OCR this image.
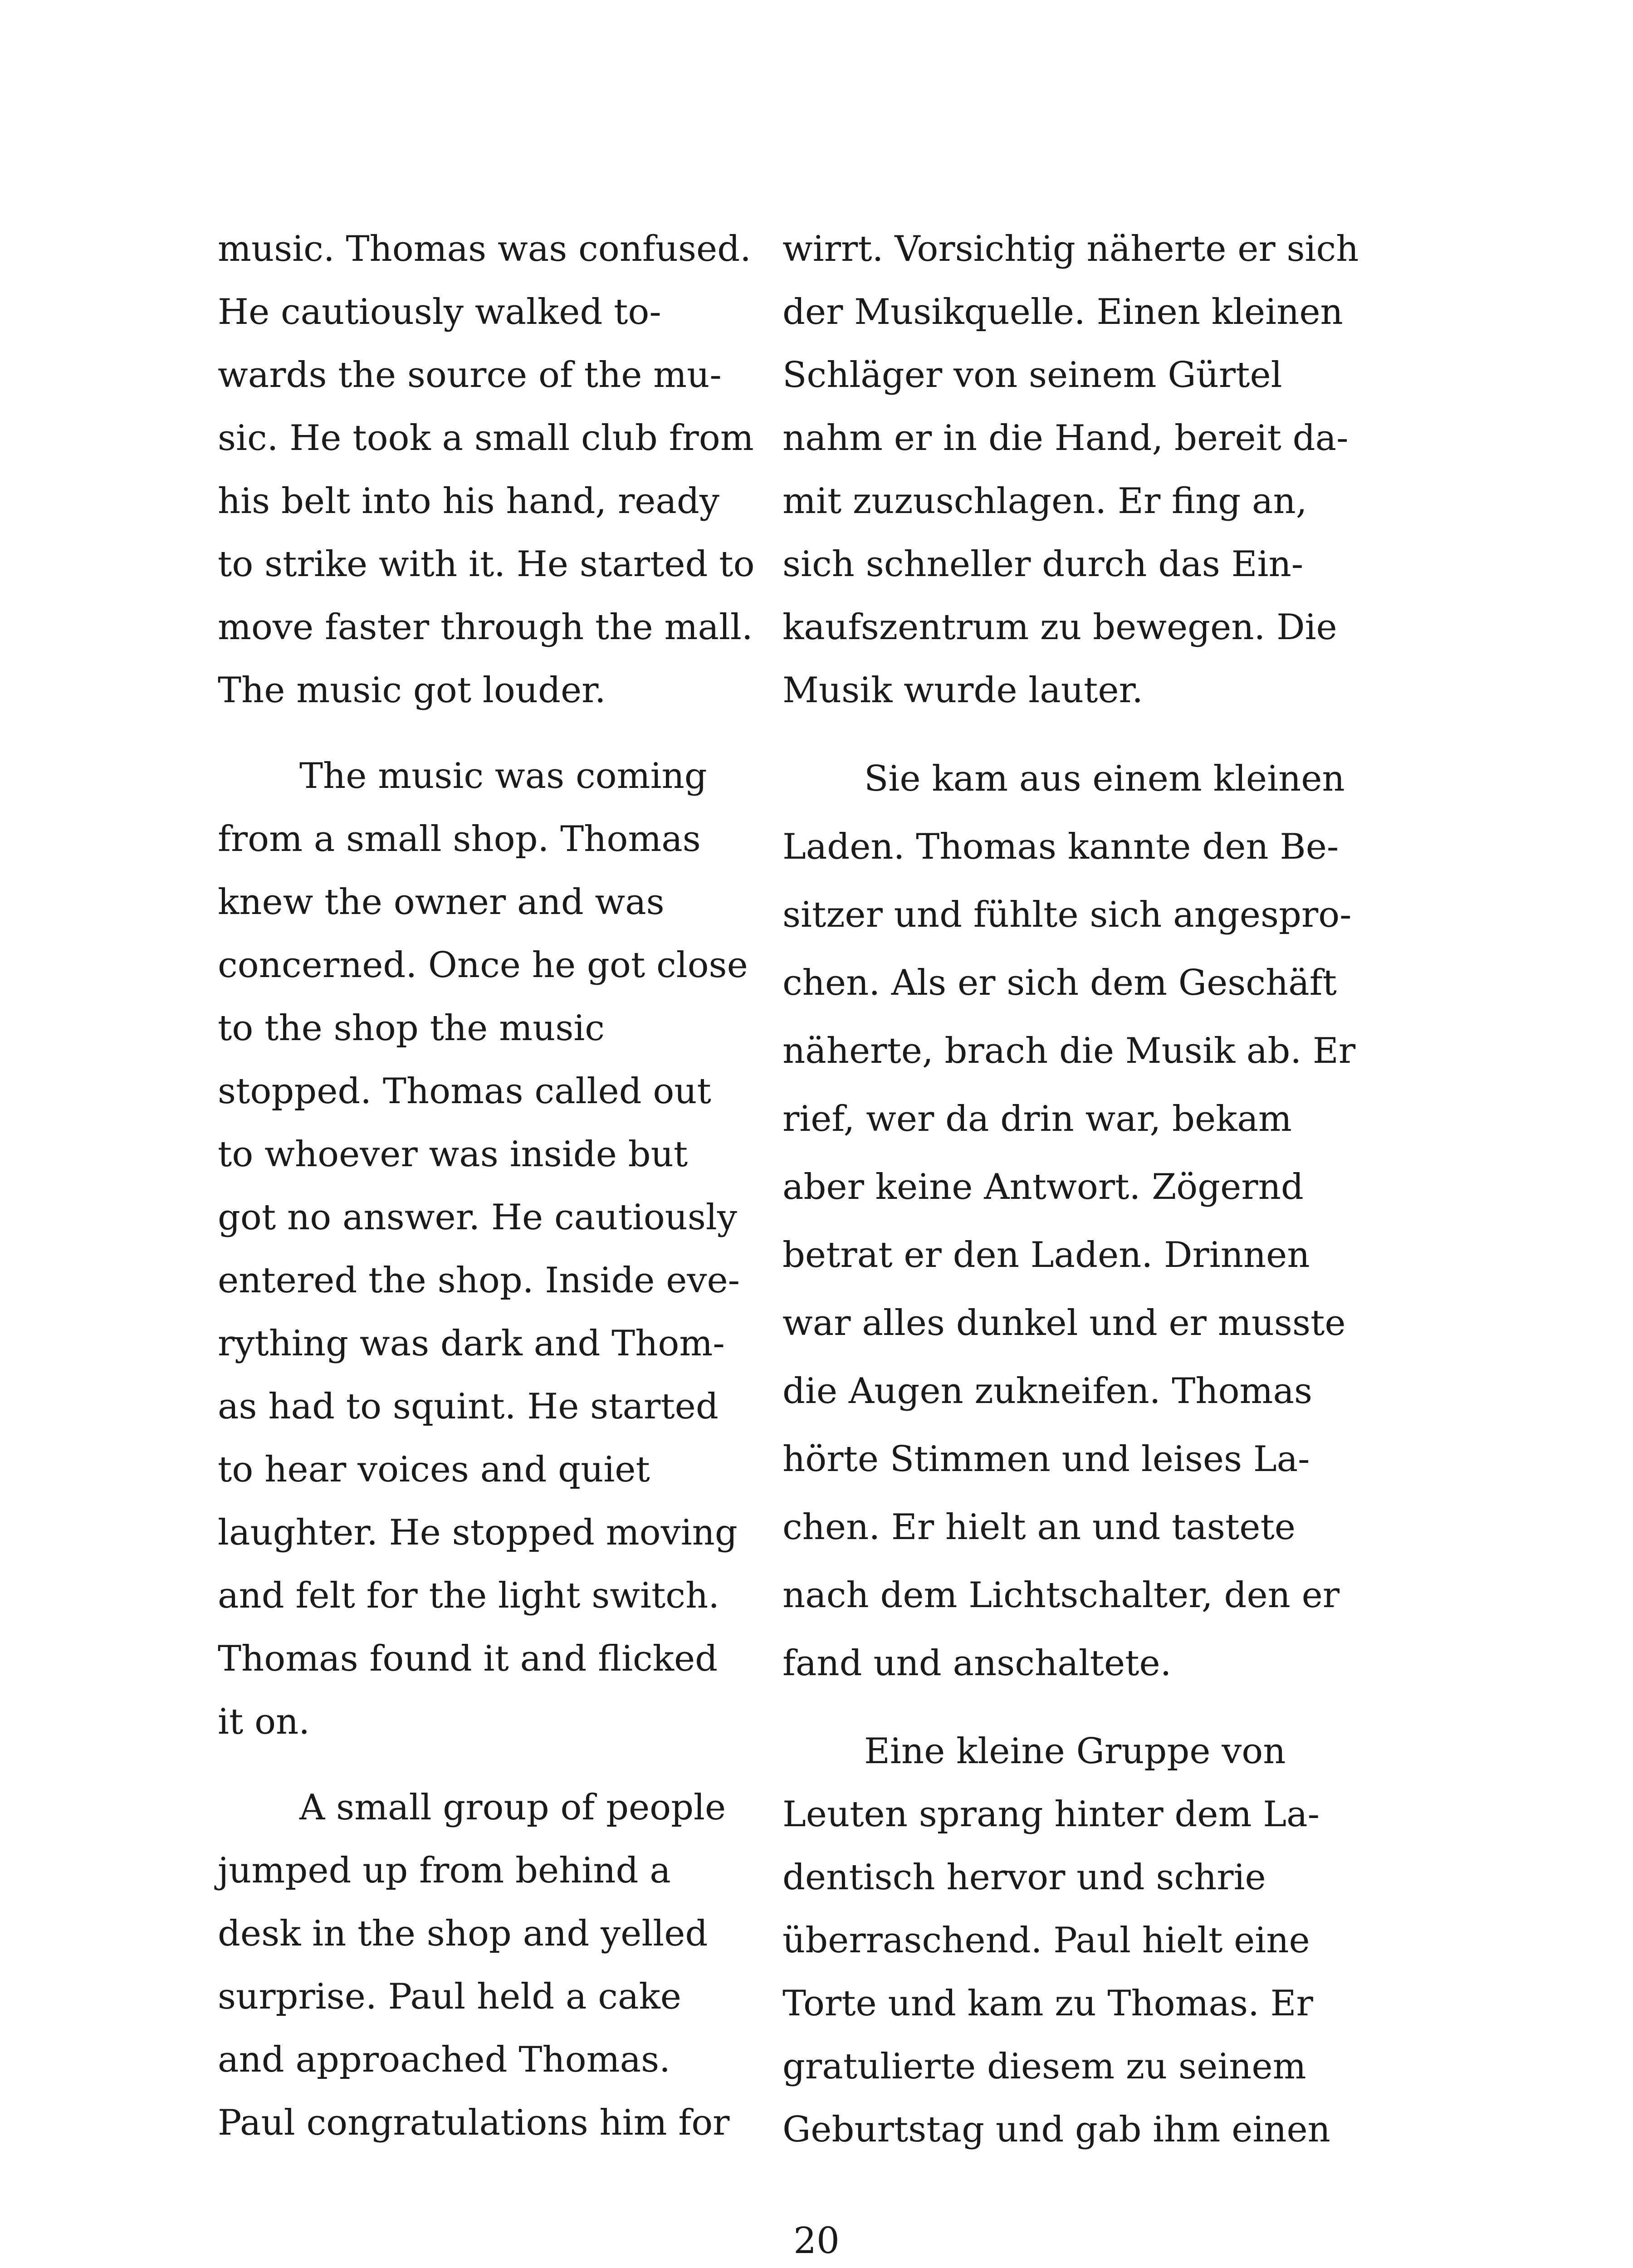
music. Thomas was confused.
He cautiously walked to-
wards the source of the mu-
sic. He took a small club from
his belt into his hand, ready
to strike with it. He started to
move faster through the mall.
The music got louder.
The music was coming
from a small shop. Thomas
knew the owner and was
concerned. Once he got close
to the shop the music
stopped. Thomas called out
to whoever was inside but
got no answer. He cautiously
entered the shop. Inside eve-
rything was dark and Thom-
as had to squint. He started
to hear voices and quiet
laughter. He stopped moving
and felt for the light switch.
Thomas found it and flicked
it on.
A small group of people
jumped up from behind a
desk in the shop and yelled
surprise. Paul held a cake
and approached Thomas.
Paul congratulations him for
wirrt. Vorsichtig näherte er sich
der Musikquelle. Einen kleinen
Schläger von seinem Gürtel
nahm er in die Hand, bereit da-
mit zuzuschlagen. Er fing an,
sich schneller durch das Ein-
kaufszentrum zu bewegen. Die
Musik wurde lauter.
Sie kam aus einem kleinen
Laden. Thomas kannte den Be-
sitzer und fühlte sich angespro-
chen. Als er sich dem Geschäft
näherte, brach die Musik ab. Er
rief, wer da drin war, bekam
aber keine Antwort. Zögernd
betrat er den Laden. Drinnen
war alles dunkel und er musste
die Augen zukneifen. Thomas
hörte Stimmen und leises La-
chen. Er hielt an und tastete
nach dem Lichtschalter, den er
fand und anschaltete.
Eine kleine Gruppe von
Leuten sprang hinter dem La-
dentisch hervor und schrie
überraschend. Paul hielt eine
Torte und kam zu Thomas. Er
gratulierte diesem zu seinem
Geburtstag und gab ihm einen
20
